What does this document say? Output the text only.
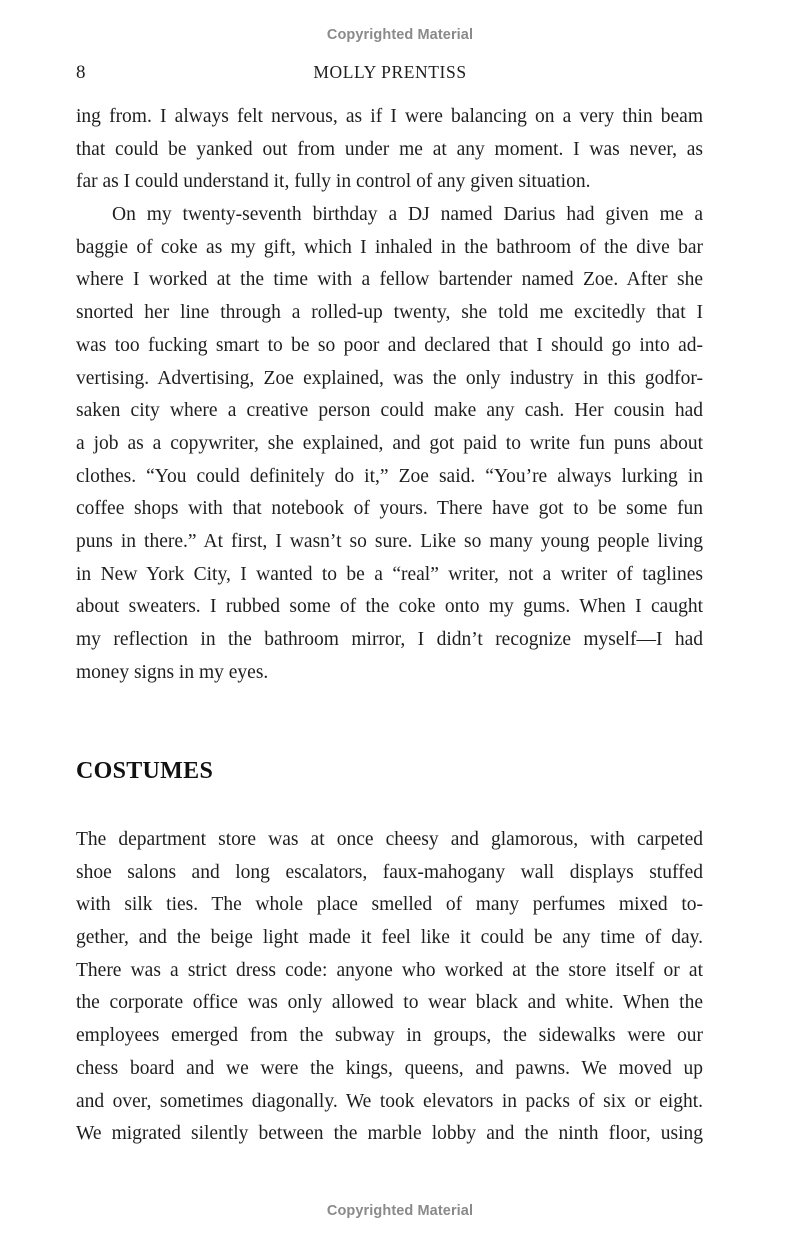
Copyrighted Material
8	MOLLY PRENTISS
ing from. I always felt nervous, as if I were balancing on a very thin beam
that could be yanked out from under me at any moment. I was never, as
far as I could understand it, fully in control of any given situation.
On my twenty-seventh birthday a DJ named Darius had given me a
baggie of coke as my gift, which I inhaled in the bathroom of the dive bar
where I worked at the time with a fellow bartender named Zoe. After she
snorted her line through a rolled-up twenty, she told me excitedly that I
was too fucking smart to be so poor and declared that I should go into ad-
vertising. Advertising, Zoe explained, was the only industry in this godfor-
saken city where a creative person could make any cash. Her cousin had
a job as a copywriter, she explained, and got paid to write fun puns about
clothes. “You could definitely do it,” Zoe said. “You’re always lurking in
coffee shops with that notebook of yours. There have got to be some fun
puns in there.” At first, I wasn’t so sure. Like so many young people living
in New York City, I wanted to be a “real” writer, not a writer of taglines
about sweaters. I rubbed some of the coke onto my gums. When I caught
my reflection in the bathroom mirror, I didn’t recognize myself—I had
money signs in my eyes.
COSTUMES
The department store was at once cheesy and glamorous, with carpeted
shoe salons and long escalators, faux-mahogany wall displays stuffed
with silk ties. The whole place smelled of many perfumes mixed to-
gether, and the beige light made it feel like it could be any time of day.
There was a strict dress code: anyone who worked at the store itself or at
the corporate office was only allowed to wear black and white. When the
employees emerged from the subway in groups, the sidewalks were our
chess board and we were the kings, queens, and pawns. We moved up
and over, sometimes diagonally. We took elevators in packs of six or eight.
We migrated silently between the marble lobby and the ninth floor, using
Copyrighted Material
